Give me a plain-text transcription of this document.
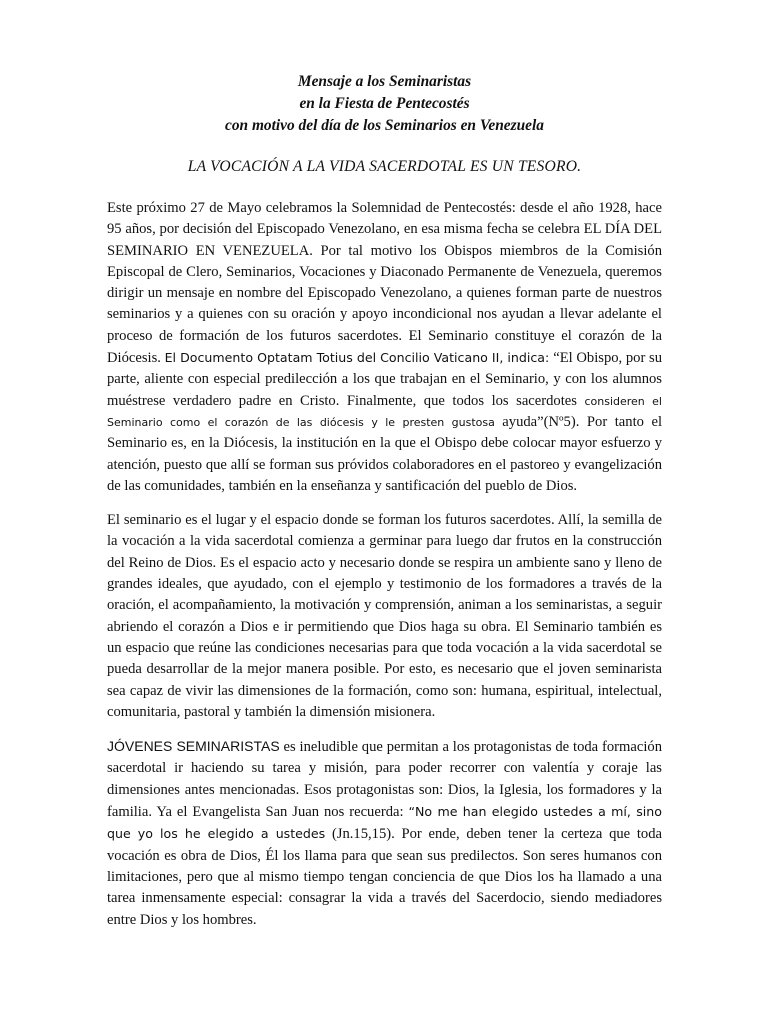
Mensaje a los Seminaristas
en la Fiesta de Pentecostés
con motivo del día de los Seminarios en Venezuela
LA VOCACIÓN A LA VIDA SACERDOTAL ES UN TESORO.

Este próximo 27 de Mayo celebramos la Solemnidad de Pentecostés: desde el año 1928, hace 95 años, por decisión del Episcopado Venezolano, en esa misma fecha se celebra EL DÍA DEL SEMINARIO EN VENEZUELA. Por tal motivo los Obispos miembros de la Comisión Episcopal de Clero, Seminarios, Vocaciones y Diaconado Permanente de Venezuela, queremos dirigir un mensaje en nombre del Episcopado Venezolano, a quienes forman parte de nuestros seminarios y a quienes con su oración y apoyo incondicional nos ayudan a llevar adelante el proceso de formación de los futuros sacerdotes. El Seminario constituye el corazón de la Diócesis. El Documento Optatam Totius del Concilio Vaticano II, indica: “El Obispo, por su parte, aliente con especial predilección a los que trabajan en el Seminario, y con los alumnos muéstrese verdadero padre en Cristo. Finalmente, que todos los sacerdotes consideren el Seminario como el corazón de las diócesis y le presten gustosa ayuda”(Nº5). Por tanto el Seminario es, en la Diócesis, la institución en la que el Obispo debe colocar mayor esfuerzo y atención, puesto que allí se forman sus próvidos colaboradores en el pastoreo y evangelización de las comunidades, también en la enseñanza y santificación del pueblo de Dios.

El seminario es el lugar y el espacio donde se forman los futuros sacerdotes. Allí, la semilla de la vocación a la vida sacerdotal comienza a germinar para luego dar frutos en la construcción del Reino de Dios. Es el espacio acto y necesario donde se respira un ambiente sano y lleno de grandes ideales, que ayudado, con el ejemplo y testimonio de los formadores a través de la oración, el acompañamiento, la motivación y comprensión, animan a los seminaristas, a seguir abriendo el corazón a Dios e ir permitiendo que Dios haga su obra. El Seminario también es un espacio que reúne las condiciones necesarias para que toda vocación a la vida sacerdotal se pueda desarrollar de la mejor manera posible. Por esto, es necesario que el joven seminarista sea capaz de vivir las dimensiones de la formación, como son: humana, espiritual, intelectual, comunitaria, pastoral y también la dimensión misionera.

JÓVENES SEMINARISTAS es ineludible que permitan a los protagonistas de toda formación sacerdotal ir haciendo su tarea y misión, para poder recorrer con valentía y coraje las dimensiones antes mencionadas. Esos protagonistas son: Dios, la Iglesia, los formadores y la familia. Ya el Evangelista San Juan nos recuerda: “No me han elegido ustedes a mí, sino que yo los he elegido a ustedes (Jn.15,15). Por ende, deben tener la certeza que toda vocación es obra de Dios, Él los llama para que sean sus predilectos. Son seres humanos con limitaciones, pero que al mismo tiempo tengan conciencia de que Dios los ha llamado a una tarea inmensamente especial: consagrar la vida a través del Sacerdocio, siendo mediadores entre Dios y los hombres.
